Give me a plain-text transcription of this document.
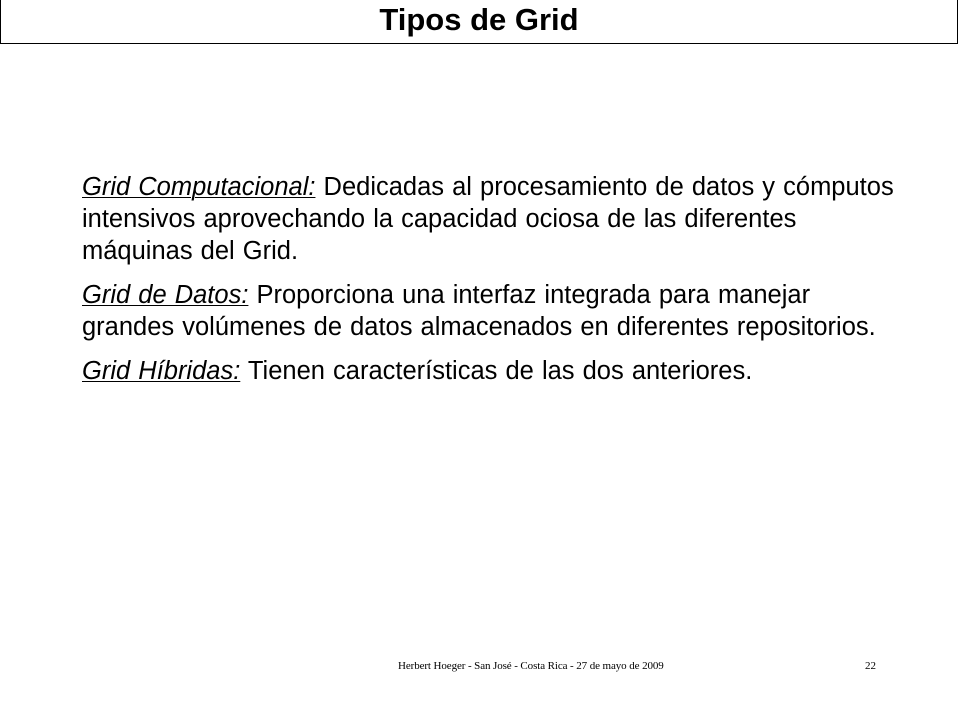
Tipos de Grid

Grid Computacional: Dedicadas al procesamiento de datos y cómputos intensivos aprovechando la capacidad ociosa de las diferentes máquinas del Grid.

Grid de Datos: Proporciona una interfaz integrada para manejar grandes volúmenes de datos almacenados en diferentes repositorios.

Grid Híbridas: Tienen características de las dos anteriores.

Herbert Hoeger - San José - Costa Rica - 27 de mayo de 2009	22
